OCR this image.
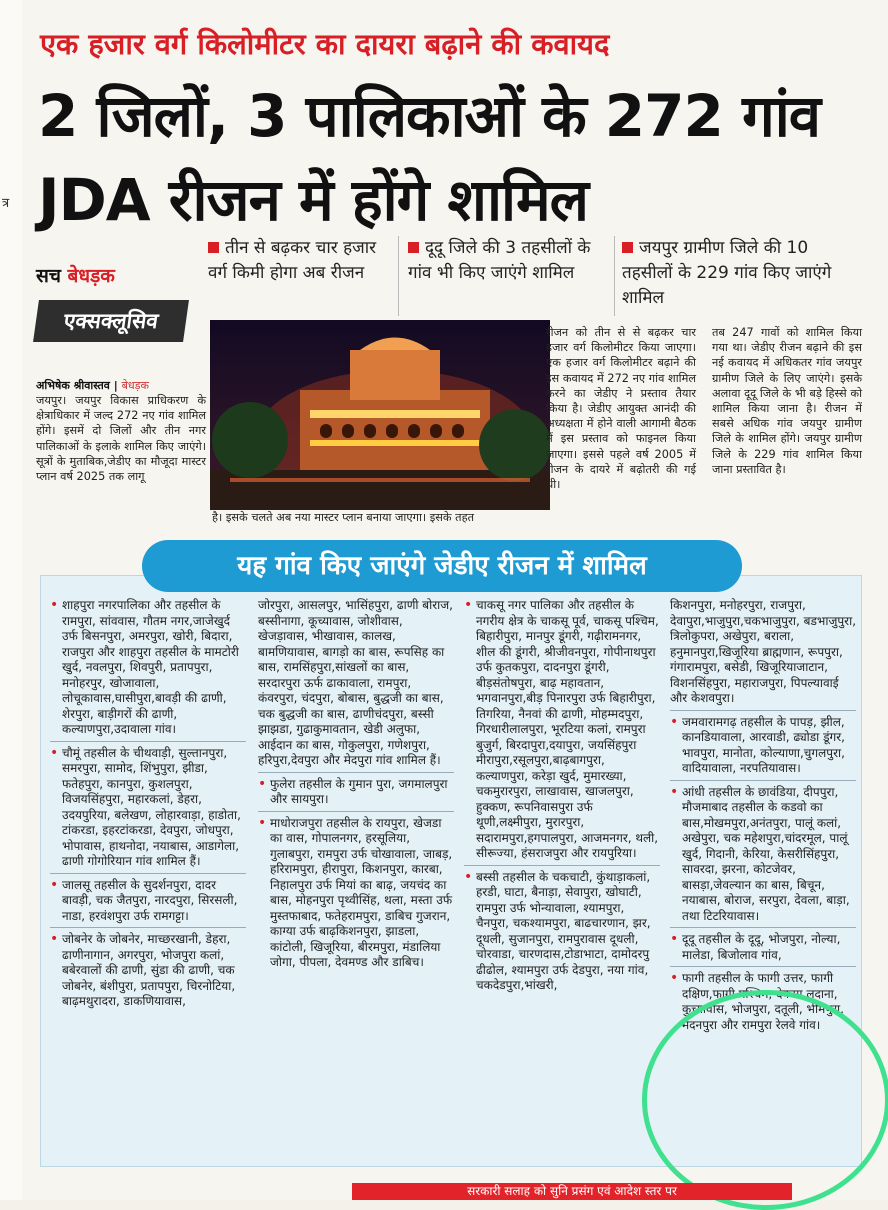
त्र
एक हजार वर्ग किलोमीटर का दायरा बढ़ाने की कवायद
2 जिलों, 3 पालिकाओं के 272 गांव JDA रीजन में होंगे शामिल
सच बेधड़क
एक्सक्लूसिव
तीन से बढ़कर चार हजार वर्ग किमी होगा अब रीजन
दूदू जिले की 3 तहसीलों के गांव भी किए जाएंगे शामिल
जयपुर ग्रामीण जिले की 10 तहसीलों के 229 गांव किए जाएंगे शामिल
अभिषेक श्रीवास्तव | बेधड़क
जयपुर। जयपुर विकास प्राधिकरण के क्षेत्राधिकार में जल्द 272 नए गांव शामिल होंगे। इसमें दो जिलों और तीन नगर पालिकाओं के इलाके शामिल किए जाएंगे। सूत्रों के मुताबिक,जेडीए का मौजूदा मास्टर प्लान वर्ष 2025 तक लागू
है। इसके चलते अब नया मास्टर प्लान बनाया जाएगा। इसके तहत
रीजन को तीन से से बढ़कर चार हजार वर्ग किलोमीटर किया जाएगा। एक हजार वर्ग किलोमीटर बढ़ाने की इस कवायद में 272 नए गांव शामिल करने का जेडीए ने प्रस्ताव तैयार किया है। जेडीए आयुक्त आनंदी की अध्यक्षता में होने वाली आगामी बैठक में इस प्रस्ताव को फाइनल किया जाएगा। इससे पहले वर्ष 2005 में रीजन के दायरे में बढ़ोतरी की गई थी।
तब 247 गावों को शामिल किया गया था। जेडीए रीजन बढ़ाने की इस नई कवायद में अधिकतर गांव जयपुर ग्रामीण जिले के लिए जाएंगे। इसके अलावा दूदू जिले के भी बड़े हिस्से को शामिल किया जाना है। रीजन में सबसे अधिक गांव जयपुर ग्रामीण जिले के शामिल होंगे। जयपुर ग्रामीण जिले के 229 गांव शामिल किया जाना प्रस्तावित है।
यह गांव किए जाएंगे जेडीए रीजन में शामिल
• शाहपुरा नगरपालिका और तहसील के रामपुरा, सांववास, गौतम नगर,जाजेखुर्द उर्फ बिसनपुरा, अमरपुरा, खोरी, बिदारा, राजपुरा और शाहपुरा तहसील के मामटोरी खुर्द, नवलपुरा, शिवपुरी, प्रतापपुरा, मनोहरपुर, खोजावाला, लोचूकावास,घासीपुरा,बावड़ी की ढाणी, शेरपुरा, बाड़ीगरों की ढाणी, कल्याणपुरा,उदावाला गांव।
• चौमूं तहसील के चीथवाड़ी, सुल्तानपुरा, समरपुरा, सामोद, शिंभुपुरा, झीडा, फतेहपुरा, कानपुरा, कुशलपुरा, विजयसिंहपुरा, महारकलां, डेहरा, उदयपुरिया, बलेखण, लोहारवाड़ा, हाडोता, टांकरडा, इहरटांकरडा, देवपुरा, जोधपुरा, भोपावास, हाथनोदा, नयाबास, आडागेला, ढाणी गोगोरियान गांव शामिल हैं।
• जालसू तहसील के सुदर्शनपुरा, दादर बावड़ी, चक जैतपुरा, नारदपुरा, सिरसली, नाडा, हरवंशपुरा उर्फ रामगट्टा।
• जोबनेर के जोबनेर, माच्छरखानी, डेहरा, ढाणीनागान, अगरपुरा, भोजपुरा कलां, बबेरवालों की ढाणी, सुंडा की ढाणी, चक जोबनेर, बंशीपुरा, प्रतापपुरा, चिरनोटिया, बाढ़मथुरादरा, डाकणियावास,
जोरपुरा, आसलपुर, भासिंहपुरा, ढाणी बोराज, बस्सीनागा, कूच्यावास, जोशीवास, खेजड़ावास, भीखावास, कालख, बामणियावास, बागड़ो का बास, रूपसिह का बास, रामसिंहपुरा,सांखलों का बास, सरदारपुरा ऊर्फ ढाकावाला, रामपुरा, कंवरपुरा, चंदपुरा, बोबास, बुद्धजी का बास, चक बुद्धजी का बास, ढाणीचंदपुरा, बस्सी झाझडा, गुढाकुमावतान, खेडी अलुफा, आईदान का बास, गोकुलपुरा, गणेशपुरा, हरिपुरा,देवपुरा और मेदपुरा गांव शामिल हैं।
• फुलेरा तहसील के गुमान पुरा, जगमालपुरा और सायपुरा।
• माधोराजपुरा तहसील के रायपुरा, खेजडा का वास, गोपालनगर, हरसूलिया, गुलाबपुरा, रामपुरा उर्फ चोखावाला, जाबड़, हरिरामपुरा, हीरापुरा, किशनपुरा, कारबा, निहालपुरा उर्फ मियां का बाढ़, जयचंद का बास, मोहनपुरा पृथ्वीसिंह, थला, मस्ता उर्फ मुस्तफाबाद, फतेहरामपुरा, डाबिच गुजरान, काग्या उर्फ बाढ़किशनपुरा, झाडला, कांटोली, खिजूरिया, बीरमपुरा, मंडालिया जोगा, पीपला, देवमण्ड और डाबिच।
• चाकसू नगर पालिका और तहसील के नगरीय क्षेत्र के चाकसू पूर्व, चाकसू पश्चिम, बिहारीपुरा, मानपुर डूंगरी, गढ़ीरामनगर, शील की डूंगरी, श्रीजीवनपुरा, गोपीनाथपुरा उर्फ कुतकपुरा, दादनपुरा डूंगरी, बीड़संतोषपुरा, बाढ़ महावतान, भगवानपुरा,बीड़ पिनारपुरा उर्फ बिहारीपुरा, तिगरिया, नैनवां की ढाणी, मोहम्मदपुरा, गिरधारीलालपुरा, भूरटिया कलां, रामपुरा बुजुर्ग, बिरदापुरा,दयापुरा, जयसिंहपुरा मीरापुरा,रसूलपुरा,बाढ़बागपुरा, कल्याणपुरा, करेड़ा खुर्द, मुमारख्या, चकमुरारपुरा, लाखावास, खाजलपुरा, हुक्कण, रूपनिवासपुरा उर्फ थूणी,लक्ष्मीपुरा, मुरारपुरा, सदारामपुरा,हगपालपुरा, आजमनगर, थली, सीरूज्या, हंसराजपुरा और रायपुरिया।
• बस्सी तहसील के चकचाटी, कुंथाड़ाकलां, हरडी, घाटा, बैनाड़ा, सेवापुरा, खोघाटी, रामपुरा उर्फ भोन्यावाला, श्यामपुरा, चैनपुरा, चकश्यामपुरा, बाढचारणान, झर, दूधली, सुजानपुरा, रामपुरावास दूधली, चोरवाडा, चारणदास,टोडाभाटा, दामोदरपु ढीढोल, श्यामपुरा उर्फ देडपुरा, नया गांव, चकदेडपुरा,भांखरी,
किशनपुरा, मनोहरपुरा, राजपुरा, देवापुरा,भाजुपुरा,चकभाजुपुरा, बडभाजुपुरा, त्रिलोकुपरा, अखेपुरा, बराला, हनुमानपुरा,खिजूरिया ब्राह्मणान, रूपपुरा, गंगारामपुरा, बसेडी, खिजूरियाजाटान, विशनसिंहपुरा, महाराजपुरा, पिपल्यावाई और केशवपुरा।
• जमवारामगढ़ तहसील के पापड़, झील, कानडियावाला, आरवाडी, ढ्योडा डूंगर, भावपुरा, मानोता, कोल्याणा,चुगलपुरा, वादियावाला, नरपतियावास।
• आंधी तहसील के छावंडिया, दीपपुरा, मौजमाबाद तहसील के कडवो का बास,मोखमपुरा,अनंतपुरा, पालूं कलां, अखेपुरा, चक महेशपुरा,चांदरमूल, पालूं खुर्द, गिदानी, केरिया, केसरीसिंहपुरा, सावरदा, झरना, कोटजेवर, बासड़ा,जेवल्यान का बास, बिचून, नयाबास, बोराज, सरपुरा, देवला, बाड़ा, तथा टिटरियावास।
• दूदू तहसील के दूदू, भोजपुरा, नोल्या, मालेडा, बिजोलाव गांव,
• फागी तहसील के फागी उत्तर, फागी दक्षिण,फागी पश्चिम, देवनग लदाना, कुच्यावास, भोजपुरा, दतूली, भीमपुरा, मदनपुरा और रामपुरा रेलवे गांव।
सरकारी सलाह को सुनि प्रसंग एवं आदेश स्तर पर
